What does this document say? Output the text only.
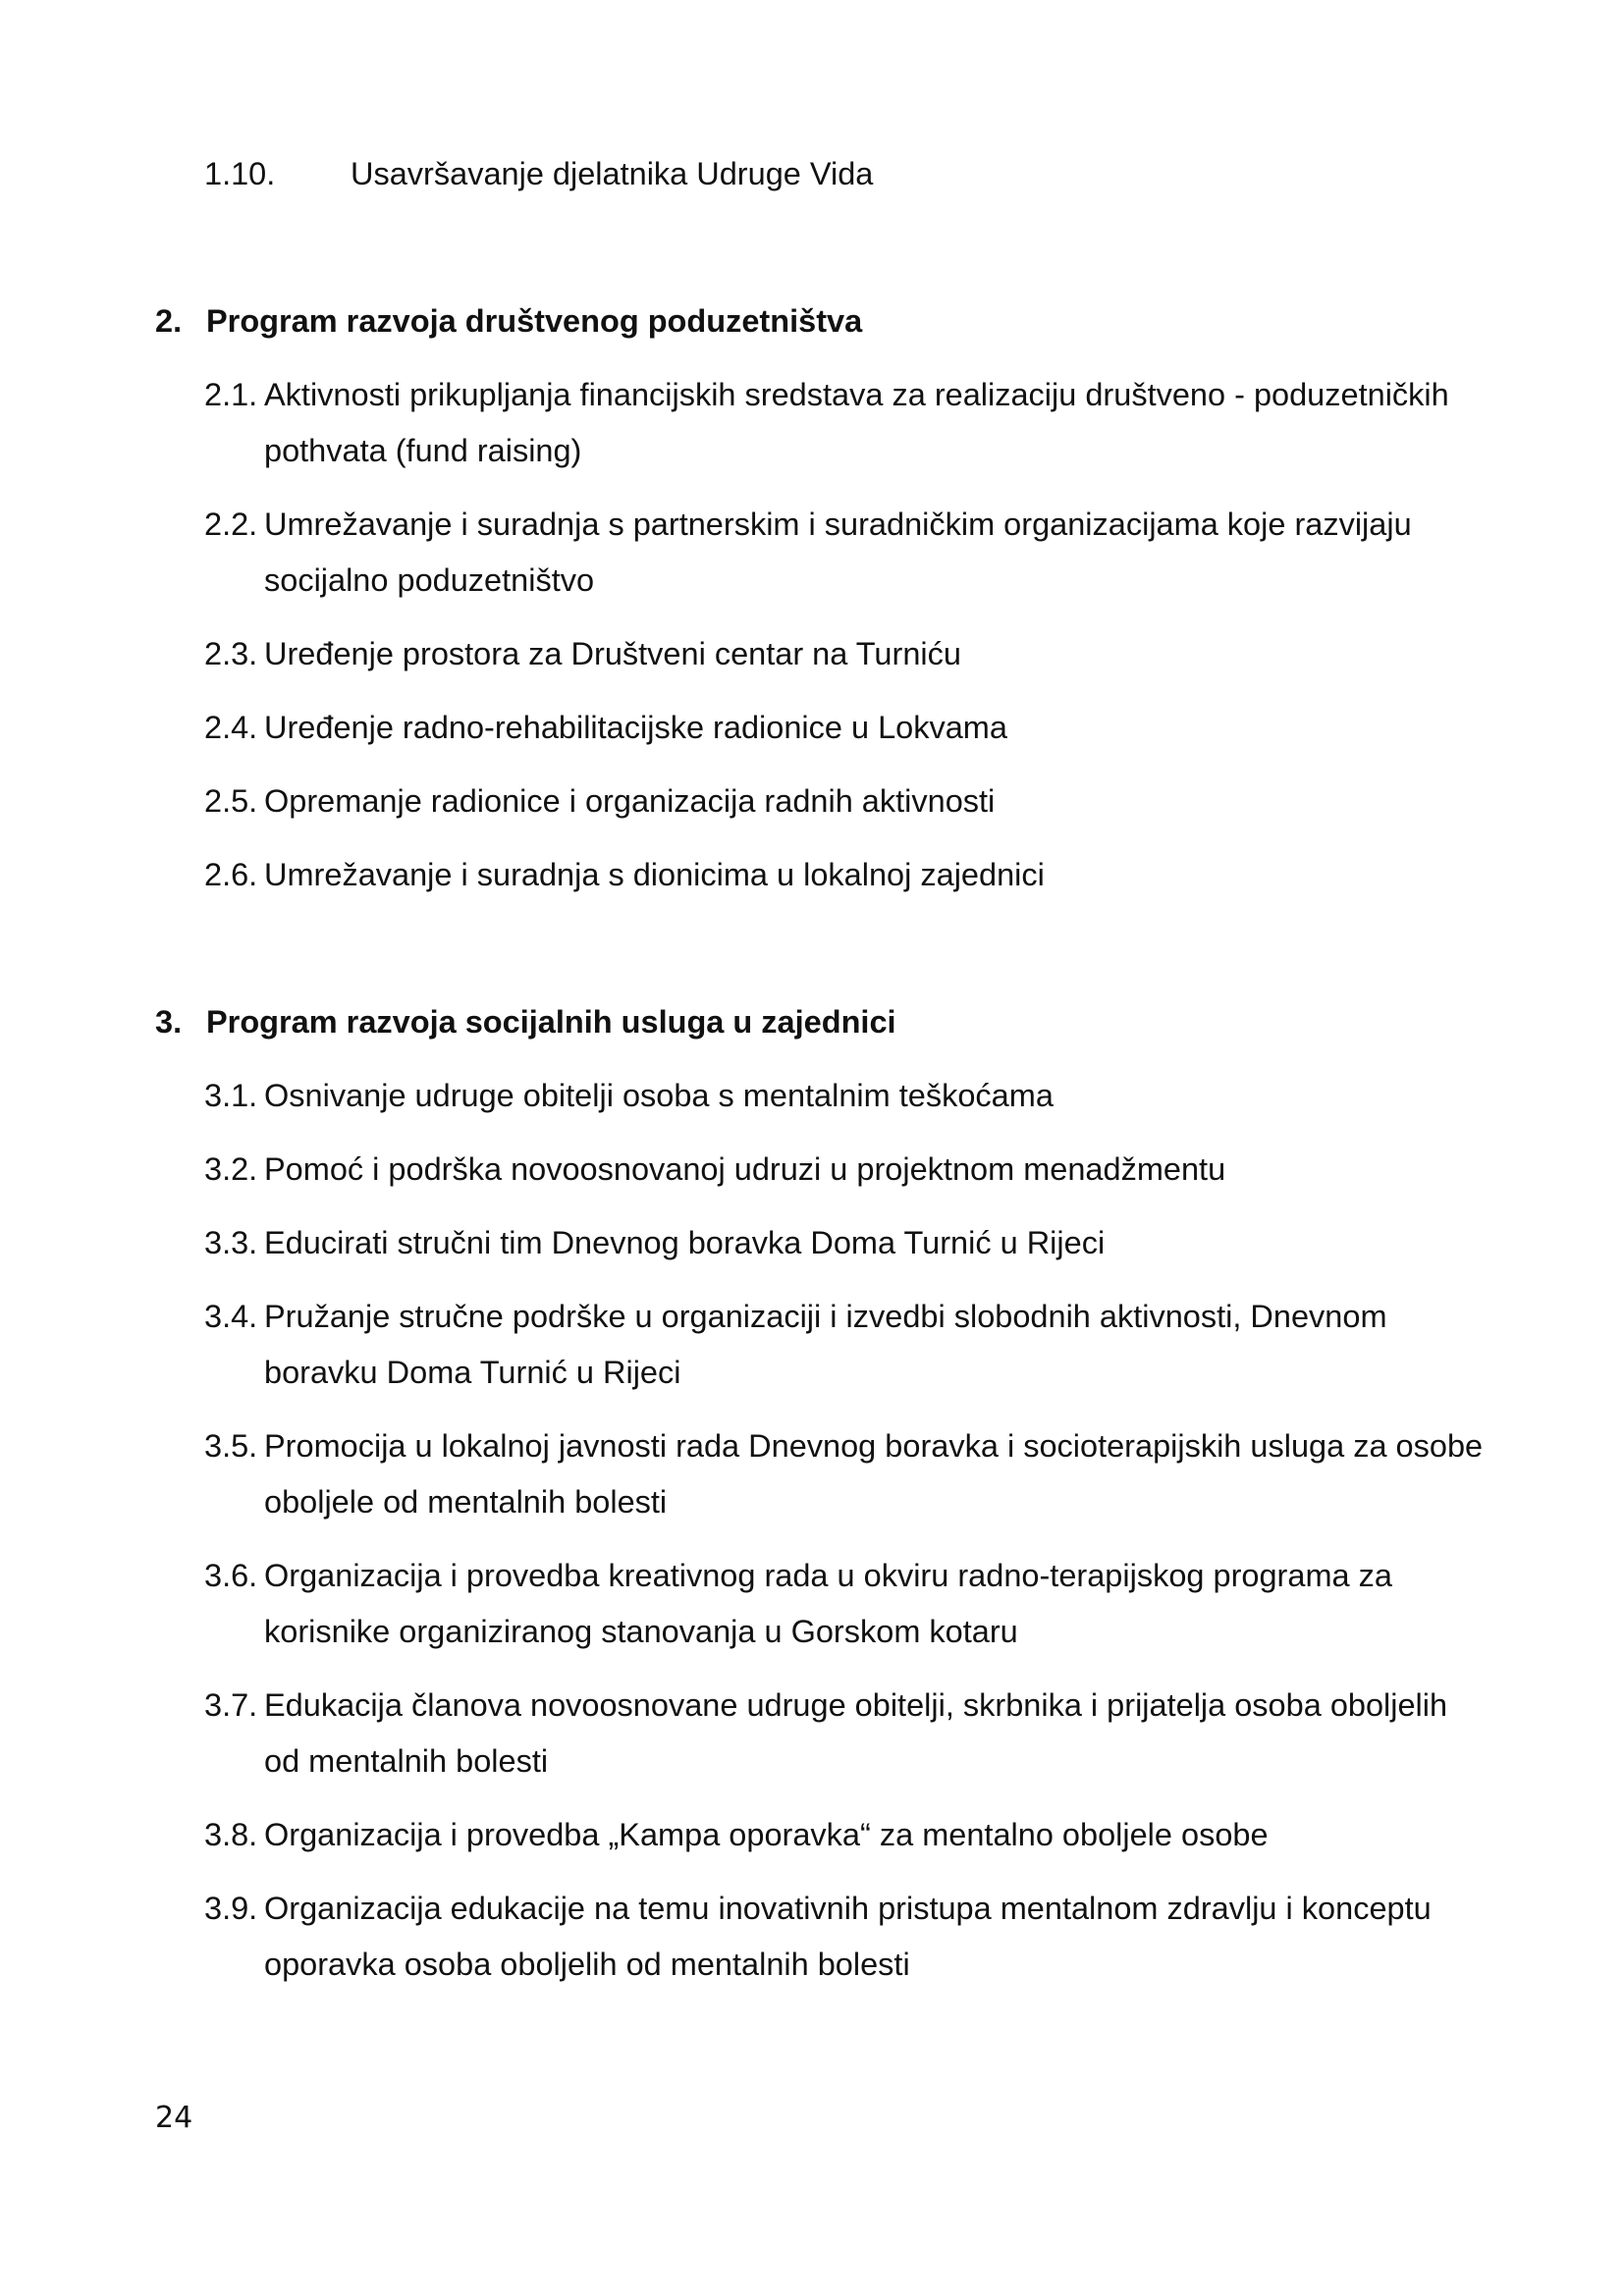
1.10. Usavršavanje djelatnika Udruge Vida
2. Program razvoja društvenog poduzetništva
2.1. Aktivnosti prikupljanja financijskih sredstava za realizaciju društveno - poduzetničkih pothvata (fund raising)
2.2. Umrežavanje i suradnja s partnerskim i suradničkim organizacijama koje razvijaju socijalno poduzetništvo
2.3. Uređenje prostora za Društveni centar na Turniću
2.4. Uređenje radno-rehabilitacijske radionice u Lokvama
2.5. Opremanje radionice i organizacija radnih aktivnosti
2.6. Umrežavanje i suradnja s dionicima u lokalnoj zajednici
3. Program razvoja socijalnih usluga u zajednici
3.1. Osnivanje udruge obitelji osoba s mentalnim teškoćama
3.2. Pomoć i podrška novoosnovanoj udruzi u projektnom menadžmentu
3.3. Educirati stručni tim Dnevnog boravka Doma Turnić u Rijeci
3.4. Pružanje stručne podrške u organizaciji i izvedbi slobodnih aktivnosti, Dnevnom boravku Doma Turnić u Rijeci
3.5. Promocija u lokalnoj javnosti rada Dnevnog boravka i socioterapijskih usluga za osobe oboljele od mentalnih bolesti
3.6. Organizacija i provedba kreativnog rada u okviru radno-terapijskog programa za korisnike organiziranog stanovanja u Gorskom kotaru
3.7. Edukacija članova novoosnovane udruge obitelji, skrbnika i prijatelja osoba oboljelih od mentalnih bolesti
3.8. Organizacija i provedba „Kampa oporavka“ za mentalno oboljele osobe
3.9. Organizacija edukacije na temu inovativnih pristupa mentalnom zdravlju i konceptu oporavka osoba oboljelih od mentalnih bolesti
24
